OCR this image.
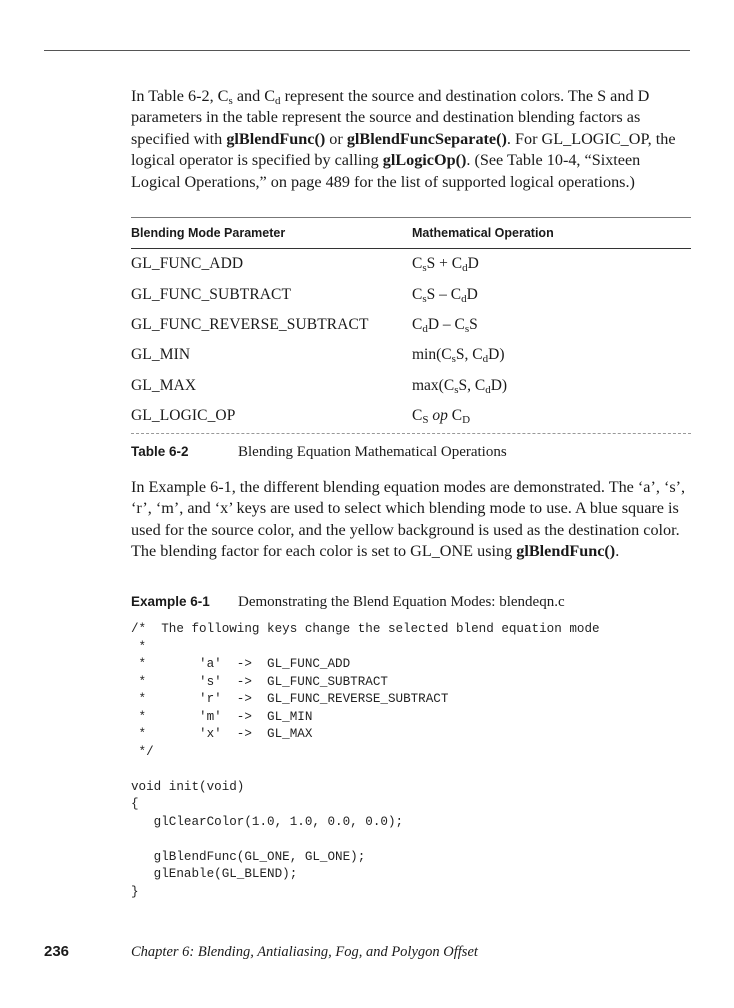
In Table 6-2, $C_s$ and $C_d$ represent the source and destination colors. The S and D parameters in the table represent the source and destination blending factors as specified with glBlendFunc() or glBlendFuncSeparate(). For GL_LOGIC_OP, the logical operator is specified by calling glLogicOp(). (See Table 10-4, “Sixteen Logical Operations,” on page 489 for the list of supported logical operations.)
Blending Mode Parameter	Mathematical Operation
GL_FUNC_ADD	$C_sS + C_dD$
GL_FUNC_SUBTRACT	$C_sS - C_dD$
GL_FUNC_REVERSE_SUBTRACT	$C_dD - C_sS$
GL_MIN	$\min(C_sS$, $C_dD$)
GL_MAX	$\max(C_sS$, $C_dD$)
GL_LOGIC_OP	$C_S$ op $C_D$
Table 6-2	Blending Equation Mathematical Operations
In Example 6-1, the different blending equation modes are demonstrated. The ‘a’, ‘s’, ‘r’, ‘m’, and ‘x’ keys are used to select which blending mode to use. A blue square is used for the source color, and the yellow background is used as the destination color. The blending factor for each color is set to GL_ONE using glBlendFunc().
Example 6-1	Demonstrating the Blend Equation Modes: blendeqn.c
/*  The following keys change the selected blend equation mode
*
*       'a'  ->  GL_FUNC_ADD
*       's'  ->  GL_FUNC_SUBTRACT
*       'r'  ->  GL_FUNC_REVERSE_SUBTRACT
*       'm'  ->  GL_MIN
*       'x'  ->  GL_MAX
*/

void init(void)
{
glClearColor(1.0, 1.0, 0.0, 0.0);

glBlendFunc(GL_ONE, GL_ONE);
glEnable(GL_BLEND);
}
236	Chapter 6: Blending, Antialiasing, Fog, and Polygon Offset
